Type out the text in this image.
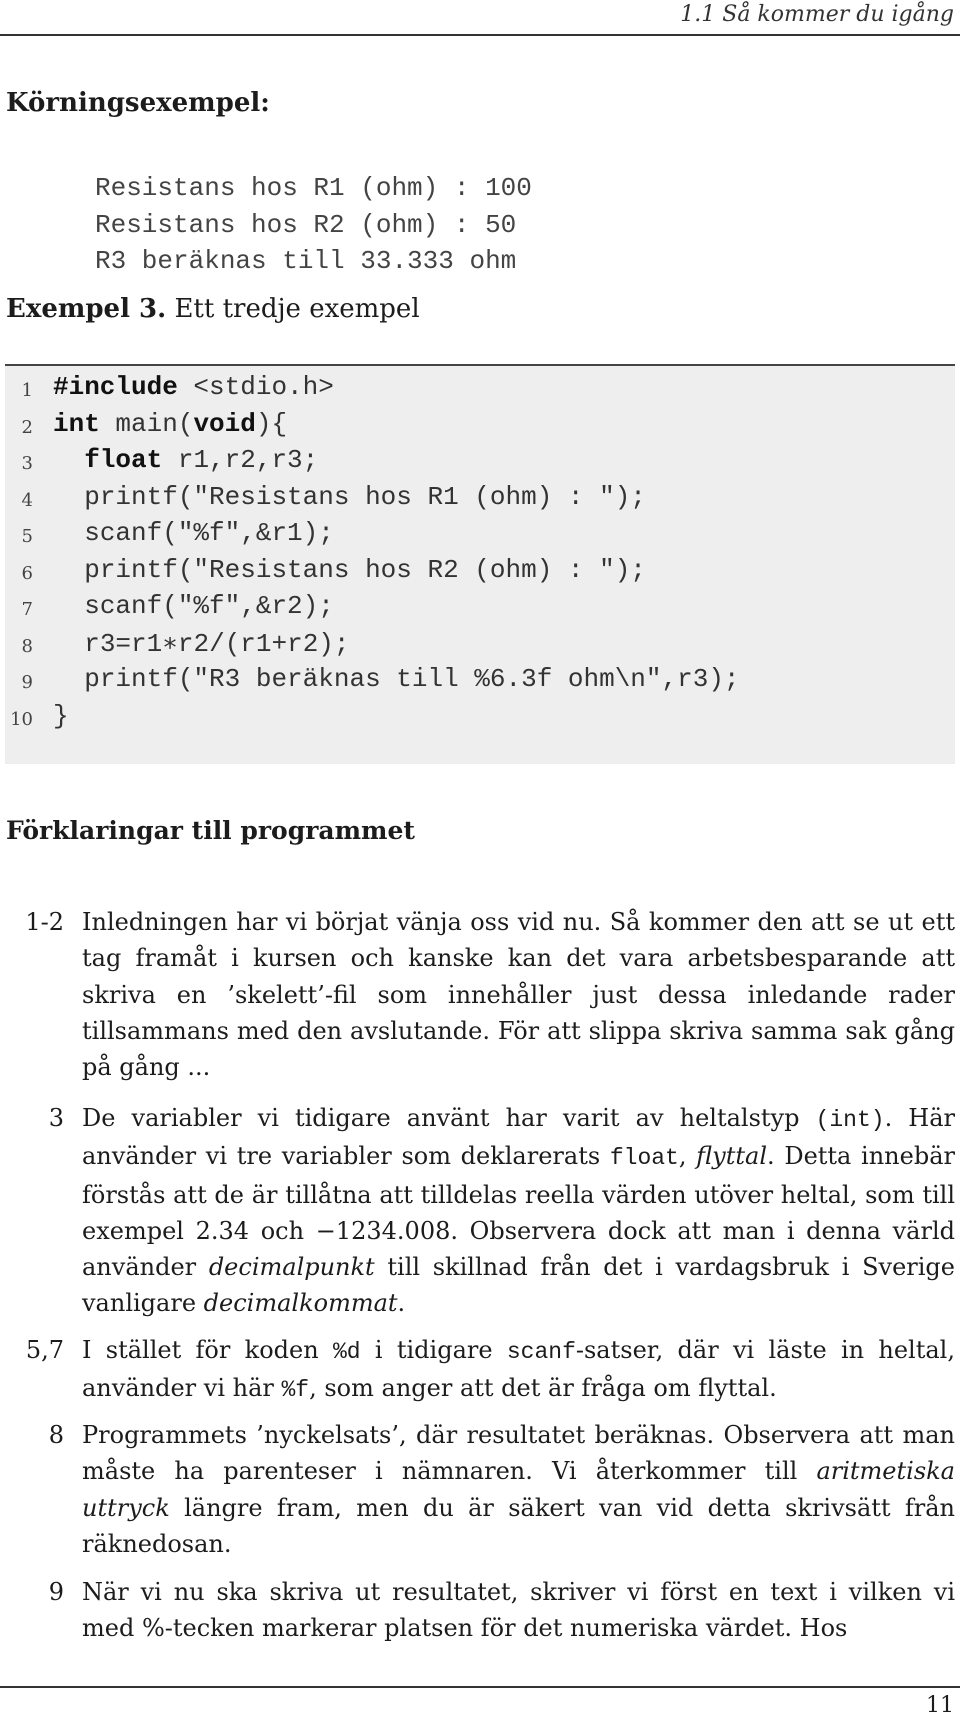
1.1 Så kommer du igång
Körningsexempel:
Resistans hos R1 (ohm) : 100
Resistans hos R2 (ohm) : 50
R3 beräknas till 33.333 ohm
Exempel 3. Ett tredje exempel
1 #include <stdio.h>
2 int main(void){
3	float r1,r2,r3;
4	printf("Resistans hos R1 (ohm) : ");
5	scanf("%f",&r1);
6	printf("Resistans hos R2 (ohm) : ");
7	scanf("%f",&r2);
8	r3=r1∗r2/(r1+r2);
9	printf("R3 beräknas till %6.3f ohm\n",r3);
10 }
Förklaringar till programmet
1-2 Inledningen har vi börjat vänja oss vid nu. Så kommer den att se ut ett tag framåt i kursen och kanske kan det vara arbetsbesparande att skriva en ’skelett’-fil som innehåller just dessa inledande rader tillsammans med den avslutande. För att slippa skriva samma sak gång på gång ...
3 De variabler vi tidigare använt har varit av heltalstyp (int). Här använder vi tre variabler som deklarerats float, flyttal. Detta innebär förstås att de är tillåtna att tilldelas reella värden utöver heltal, som till exempel 2.34 och −1234.008. Observera dock att man i denna värld använder decimalpunkt till skillnad från det i vardagsbruk i Sverige vanligare decimalkommat.
5,7 I stället för koden %d i tidigare scanf-satser, där vi läste in heltal, använder vi här %f, som anger att det är fråga om flyttal.
8 Programmets ’nyckelsats’, där resultatet beräknas. Observera att man måste ha parenteser i nämnaren. Vi återkommer till aritmetiska uttryck längre fram, men du är säkert van vid detta skrivsätt från räknedosan.
9 När vi nu ska skriva ut resultatet, skriver vi först en text i vilken vi med %-tecken markerar platsen för det numeriska värdet. Hos
11
